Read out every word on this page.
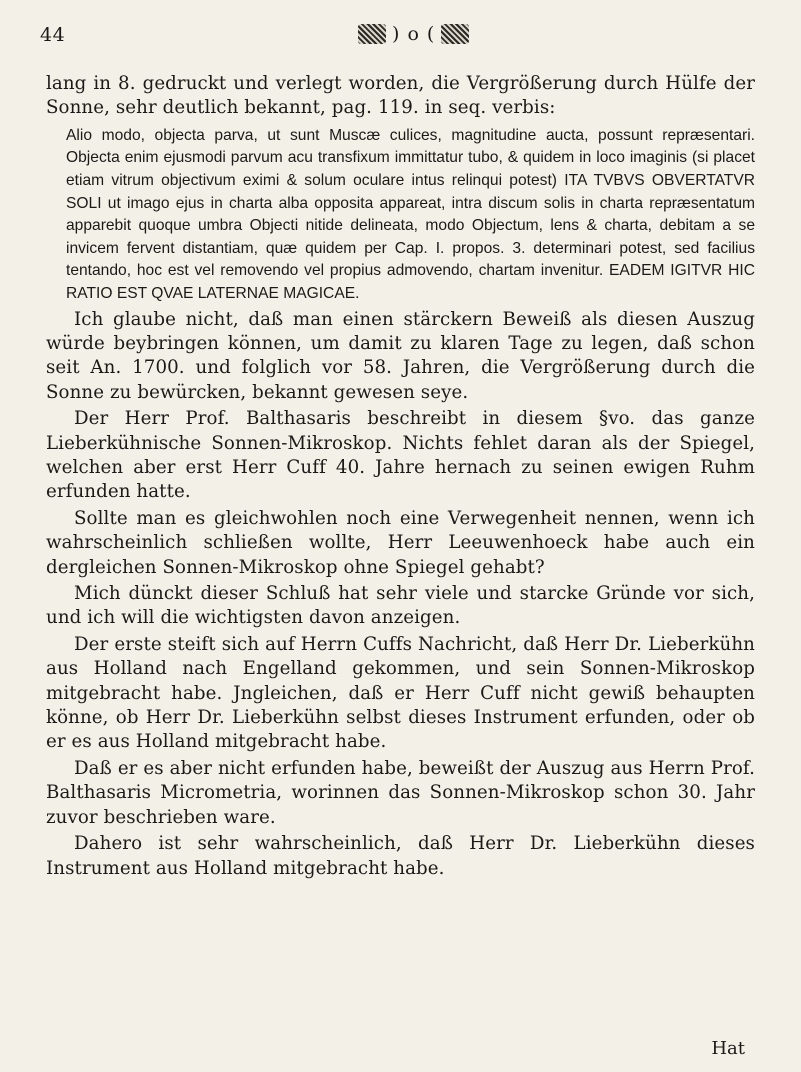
44	) o (

lang in 8. gedruckt und verlegt worden, die Vergrößerung durch Hülfe der Sonne, sehr deutlich bekannt, pag. 119. in seq. verbis:

Alio modo, objecta parva, ut sunt Muscæ culices, magnitudine aucta, possunt repræsentari. Objecta enim ejusmodi parvum acu transfixum immittatur tubo, & quidem in loco imaginis (si placet etiam vitrum objectivum eximi & solum oculare intus relinqui potest) ITA TVBVS OBVERTATVR SOLI ut imago ejus in charta alba opposita appareat, intra discum solis in charta repræsentatum apparebit quoque umbra Objecti nitide delineata, modo Objectum, lens & charta, debitam a se invicem fervent distantiam, quæ quidem per Cap. I. propos. 3. determinari potest, sed facilius tentando, hoc est vel removendo vel propius admovendo, chartam invenitur. EADEM IGITVR HIC RATIO EST QVAE LATERNAE MAGICAE.

Ich glaube nicht, daß man einen stärckern Beweiß als diesen Auszug würde beybringen können, um damit zu klaren Tage zu legen, daß schon seit An. 1700. und folglich vor 58. Jahren, die Vergrößerung durch die Sonne zu bewürcken, bekannt gewesen seye.

Der Herr Prof. Balthasaris beschreibt in diesem §vo. das ganze Lieberkühnische Sonnen-Mikroskop. Nichts fehlet daran als der Spiegel, welchen aber erst Herr Cuff 40. Jahre hernach zu seinen ewigen Ruhm erfunden hatte.

Sollte man es gleichwohlen noch eine Verwegenheit nennen, wenn ich wahrscheinlich schließen wollte, Herr Leeuwenhoeck habe auch ein dergleichen Sonnen-Mikroskop ohne Spiegel gehabt?

Mich dünckt dieser Schluß hat sehr viele und starcke Gründe vor sich, und ich will die wichtigsten davon anzeigen.

Der erste steift sich auf Herrn Cuffs Nachricht, daß Herr Dr. Lieberkühn aus Holland nach Engelland gekommen, und sein Sonnen-Mikroskop mitgebracht habe. Jngleichen, daß er Herr Cuff nicht gewiß behaupten könne, ob Herr Dr. Lieberkühn selbst dieses Instrument erfunden, oder ob er es aus Holland mitgebracht habe.

Daß er es aber nicht erfunden habe, beweißt der Auszug aus Herrn Prof. Balthasaris Micrometria, worinnen das Sonnen-Mikroskop schon 30. Jahr zuvor beschrieben ware.

Dahero ist sehr wahrscheinlich, daß Herr Dr. Lieberkühn dieses Instrument aus Holland mitgebracht habe.

Hat
